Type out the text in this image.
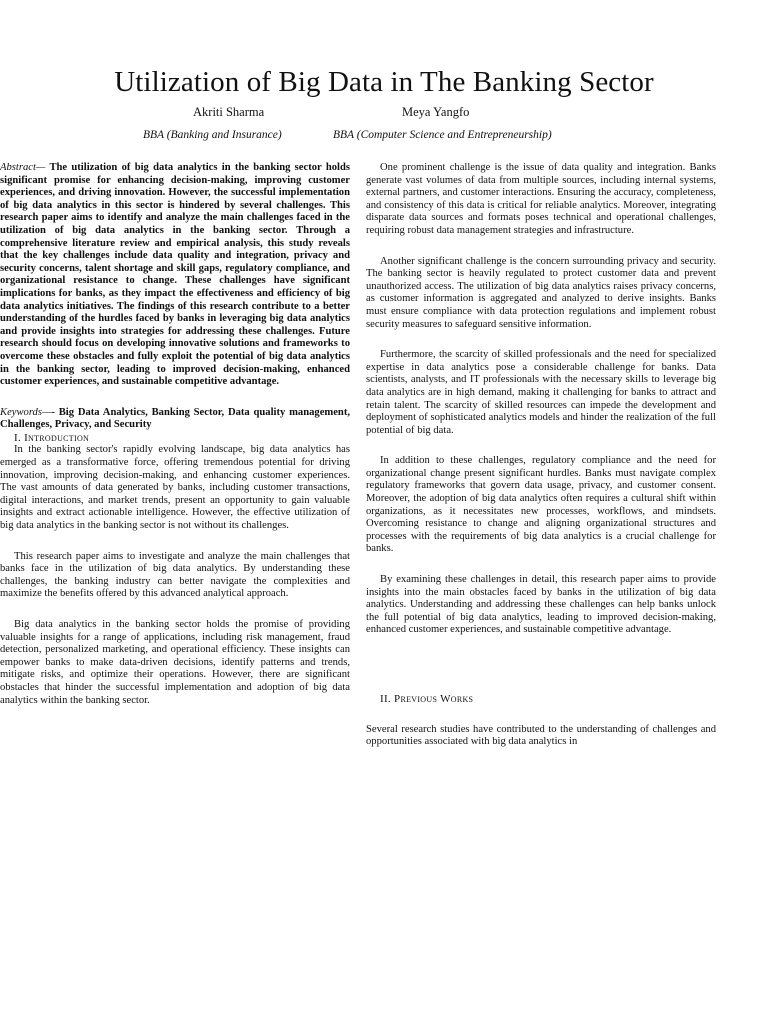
Utilization of Big Data in The Banking Sector
Akriti Sharma	Meya Yangfo
BBA (Banking and Insurance)	BBA (Computer Science and Entrepreneurship)

Abstract— The utilization of big data analytics in the banking sector holds significant promise for enhancing decision-making, improving customer experiences, and driving innovation. However, the successful implementation of big data analytics in this sector is hindered by several challenges. This research paper aims to identify and analyze the main challenges faced in the utilization of big data analytics in the banking sector. Through a comprehensive literature review and empirical analysis, this study reveals that the key challenges include data quality and integration, privacy and security concerns, talent shortage and skill gaps, regulatory compliance, and organizational resistance to change. These challenges have significant implications for banks, as they impact the effectiveness and efficiency of big data analytics initiatives. The findings of this research contribute to a better understanding of the hurdles faced by banks in leveraging big data analytics and provide insights into strategies for addressing these challenges. Future research should focus on developing innovative solutions and frameworks to overcome these obstacles and fully exploit the potential of big data analytics in the banking sector, leading to improved decision-making, enhanced customer experiences, and sustainable competitive advantage.

Keywords—- Big Data Analytics, Banking Sector, Data quality management, Challenges, Privacy, and Security

I. Introduction

In the banking sector's rapidly evolving landscape, big data analytics has emerged as a transformative force, offering tremendous potential for driving innovation, improving decision-making, and enhancing customer experiences. The vast amounts of data generated by banks, including customer transactions, digital interactions, and market trends, present an opportunity to gain valuable insights and extract actionable intelligence. However, the effective utilization of big data analytics in the banking sector is not without its challenges.

This research paper aims to investigate and analyze the main challenges that banks face in the utilization of big data analytics. By understanding these challenges, the banking industry can better navigate the complexities and maximize the benefits offered by this advanced analytical approach.

Big data analytics in the banking sector holds the promise of providing valuable insights for a range of applications, including risk management, fraud detection, personalized marketing, and operational efficiency. These insights can empower banks to make data-driven decisions, identify patterns and trends, mitigate risks, and optimize their operations. However, there are significant obstacles that hinder the successful implementation and adoption of big data analytics within the banking sector.

One prominent challenge is the issue of data quality and integration. Banks generate vast volumes of data from multiple sources, including internal systems, external partners, and customer interactions. Ensuring the accuracy, completeness, and consistency of this data is critical for reliable analytics. Moreover, integrating disparate data sources and formats poses technical and operational challenges, requiring robust data management strategies and infrastructure.

Another significant challenge is the concern surrounding privacy and security. The banking sector is heavily regulated to protect customer data and prevent unauthorized access. The utilization of big data analytics raises privacy concerns, as customer information is aggregated and analyzed to derive insights. Banks must ensure compliance with data protection regulations and implement robust security measures to safeguard sensitive information.

Furthermore, the scarcity of skilled professionals and the need for specialized expertise in data analytics pose a considerable challenge for banks. Data scientists, analysts, and IT professionals with the necessary skills to leverage big data analytics are in high demand, making it challenging for banks to attract and retain talent. The scarcity of skilled resources can impede the development and deployment of sophisticated analytics models and hinder the realization of the full potential of big data.

In addition to these challenges, regulatory compliance and the need for organizational change present significant hurdles. Banks must navigate complex regulatory frameworks that govern data usage, privacy, and customer consent. Moreover, the adoption of big data analytics often requires a cultural shift within organizations, as it necessitates new processes, workflows, and mindsets. Overcoming resistance to change and aligning organizational structures and processes with the requirements of big data analytics is a crucial challenge for banks.

By examining these challenges in detail, this research paper aims to provide insights into the main obstacles faced by banks in the utilization of big data analytics. Understanding and addressing these challenges can help banks unlock the full potential of big data analytics, leading to improved decision-making, enhanced customer experiences, and sustainable competitive advantage.

II. Previous Works

Several research studies have contributed to the understanding of challenges and opportunities associated with big data analytics in
